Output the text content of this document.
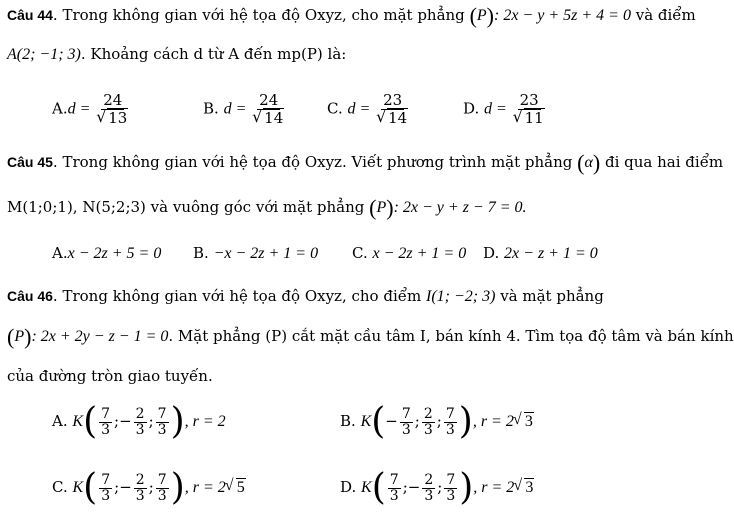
Câu 44. Trong không gian với hệ tọa độ Oxyz, cho mặt phẳng (P): 2x − y + 5z + 4 = 0 và điểm
A(2; −1; 3). Khoảng cách d từ A đến mp(P) là:
A.d = 24
√ 13	B. d = 24
√ 14	C. d = 23
√ 14	D. d = 23
√ 11
Câu 45. Trong không gian với hệ tọa độ Oxyz. Viết phương trình mặt phẳng (α) đi qua hai điểm
M(1;0;1), N(5;2;3) và vuông góc với mặt phẳng (P): 2x − y + z − 7 = 0.
A.x − 2z + 5 = 0 B. −x − 2z + 1 = 0 C. x − 2z + 1 = 0 D. 2x − z + 1 = 0
Câu 46. Trong không gian với hệ tọa độ Oxyz, cho điểm I(1; −2; 3) và mặt phẳng
(P): 2x + 2y − z − 1 = 0. Mặt phẳng (P) cắt mặt cầu tâm I, bán kính 4. Tìm tọa độ tâm và bán kính
của đường tròn giao tuyến.
A. $K( \frac{7}{3}$ ;− $\frac{2}{3}$ ; $\frac{7}{3}$ ), r = 2	B. $K(- \frac{7}{3}$ ; $\frac{2}{3}$ ; $\frac{7}{3}$ ), r = 2 √ 3
C. $K( \frac{7}{3}$ ;− $\frac{2}{3}$ ; $\frac{7}{3}$ ), r = 2 √ 5	D. $K( \frac{7}{3}$ ;− $\frac{2}{3}$ ; $\frac{7}{3}$ ), r = 2 √ 3
